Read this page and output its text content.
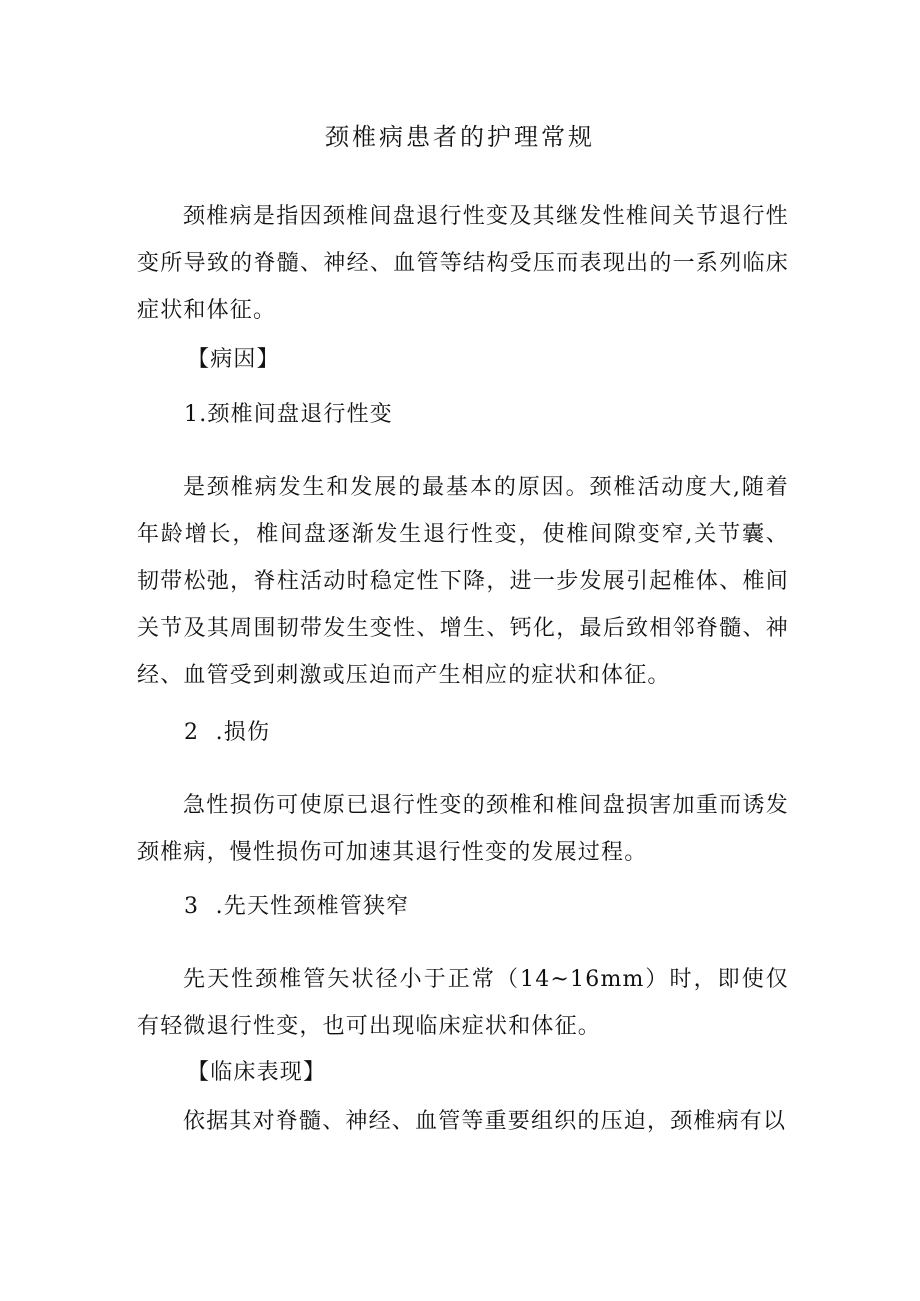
颈椎病患者的护理常规

颈椎病是指因颈椎间盘退行性变及其继发性椎间关节退行性变所导致的脊髓、神经、血管等结构受压而表现出的一系列临床症状和体征。

【病因】
1.颈椎间盘退行性变

是颈椎病发生和发展的最基本的原因。颈椎活动度大,随着年龄增长，椎间盘逐渐发生退行性变，使椎间隙变窄,关节囊、韧带松弛，脊柱活动时稳定性下降，进一步发展引起椎体、椎间关节及其周围韧带发生变性、增生、钙化，最后致相邻脊髓、神经、血管受到刺激或压迫而产生相应的症状和体征。

2  .损伤

急性损伤可使原已退行性变的颈椎和椎间盘损害加重而诱发颈椎病，慢性损伤可加速其退行性变的发展过程。

3  .先天性颈椎管狭窄

先天性颈椎管矢状径小于正常（14~16mm）时，即使仅有轻微退行性变，也可出现临床症状和体征。

【临床表现】

依据其对脊髓、神经、血管等重要组织的压迫，颈椎病有以
